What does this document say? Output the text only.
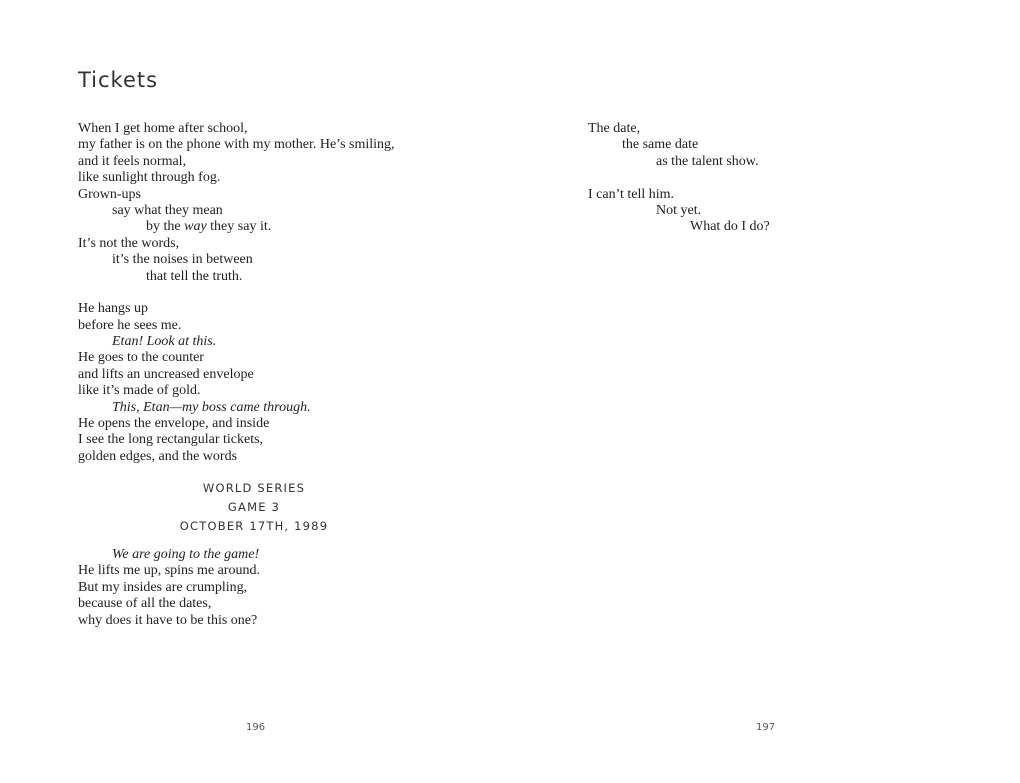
Tickets
When I get home after school,
my father is on the phone with my mother. He’s smiling,
and it feels normal,
like sunlight through fog.
Grown-ups
say what they mean
by the way they say it.
It’s not the words,
it’s the noises in between
that tell the truth.
He hangs up
before he sees me.
Etan! Look at this.
He goes to the counter
and lifts an uncreased envelope
like it’s made of gold.
This, Etan—my boss came through.
He opens the envelope, and inside
I see the long rectangular tickets,
golden edges, and the words
WORLD SERIES
GAME 3
OCTOBER 17TH, 1989
We are going to the game!
He lifts me up, spins me around.
But my insides are crumpling,
because of all the dates,
why does it have to be this one?
196
The date,
the same date
as the talent show.
I can’t tell him.
Not yet.
What do I do?
197
